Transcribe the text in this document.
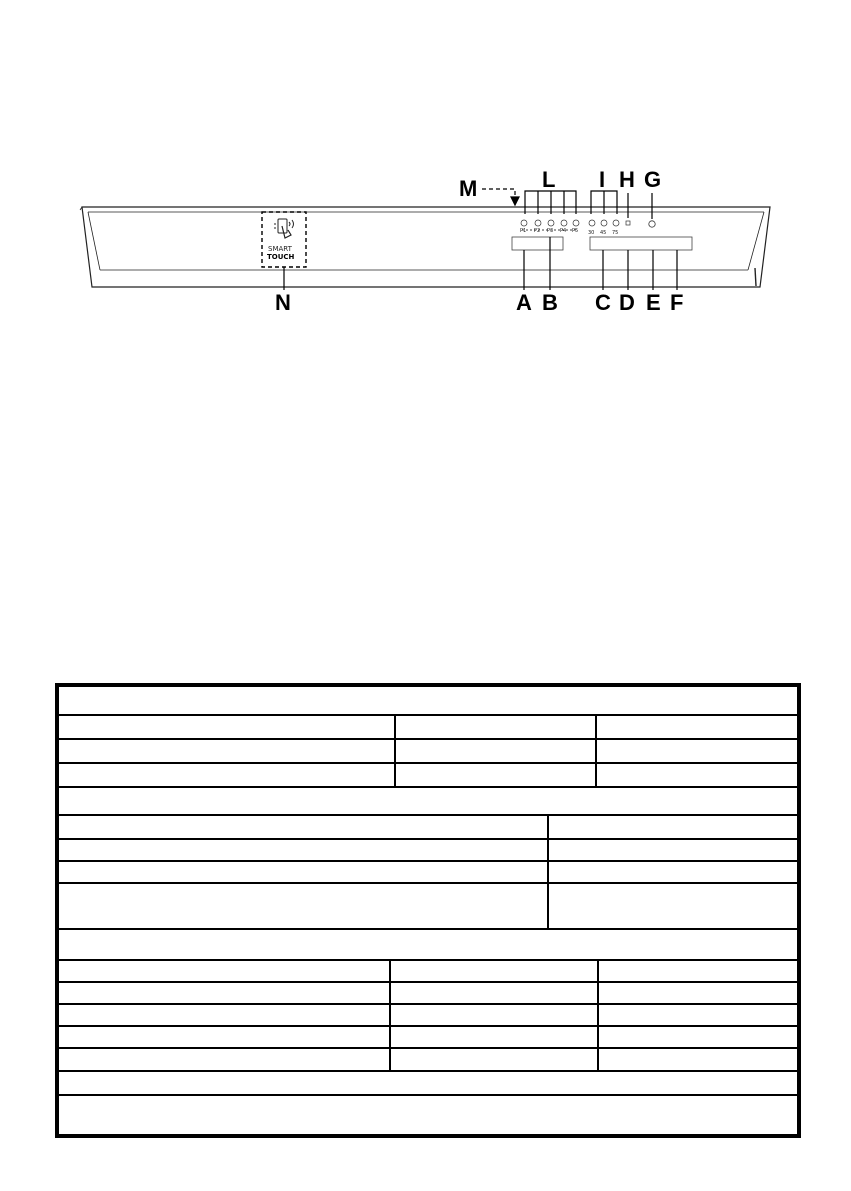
P1 P2 P3 P4 P5 30 45 75
SMART
TOUCH
M	L I H G
N	A B C D E F
